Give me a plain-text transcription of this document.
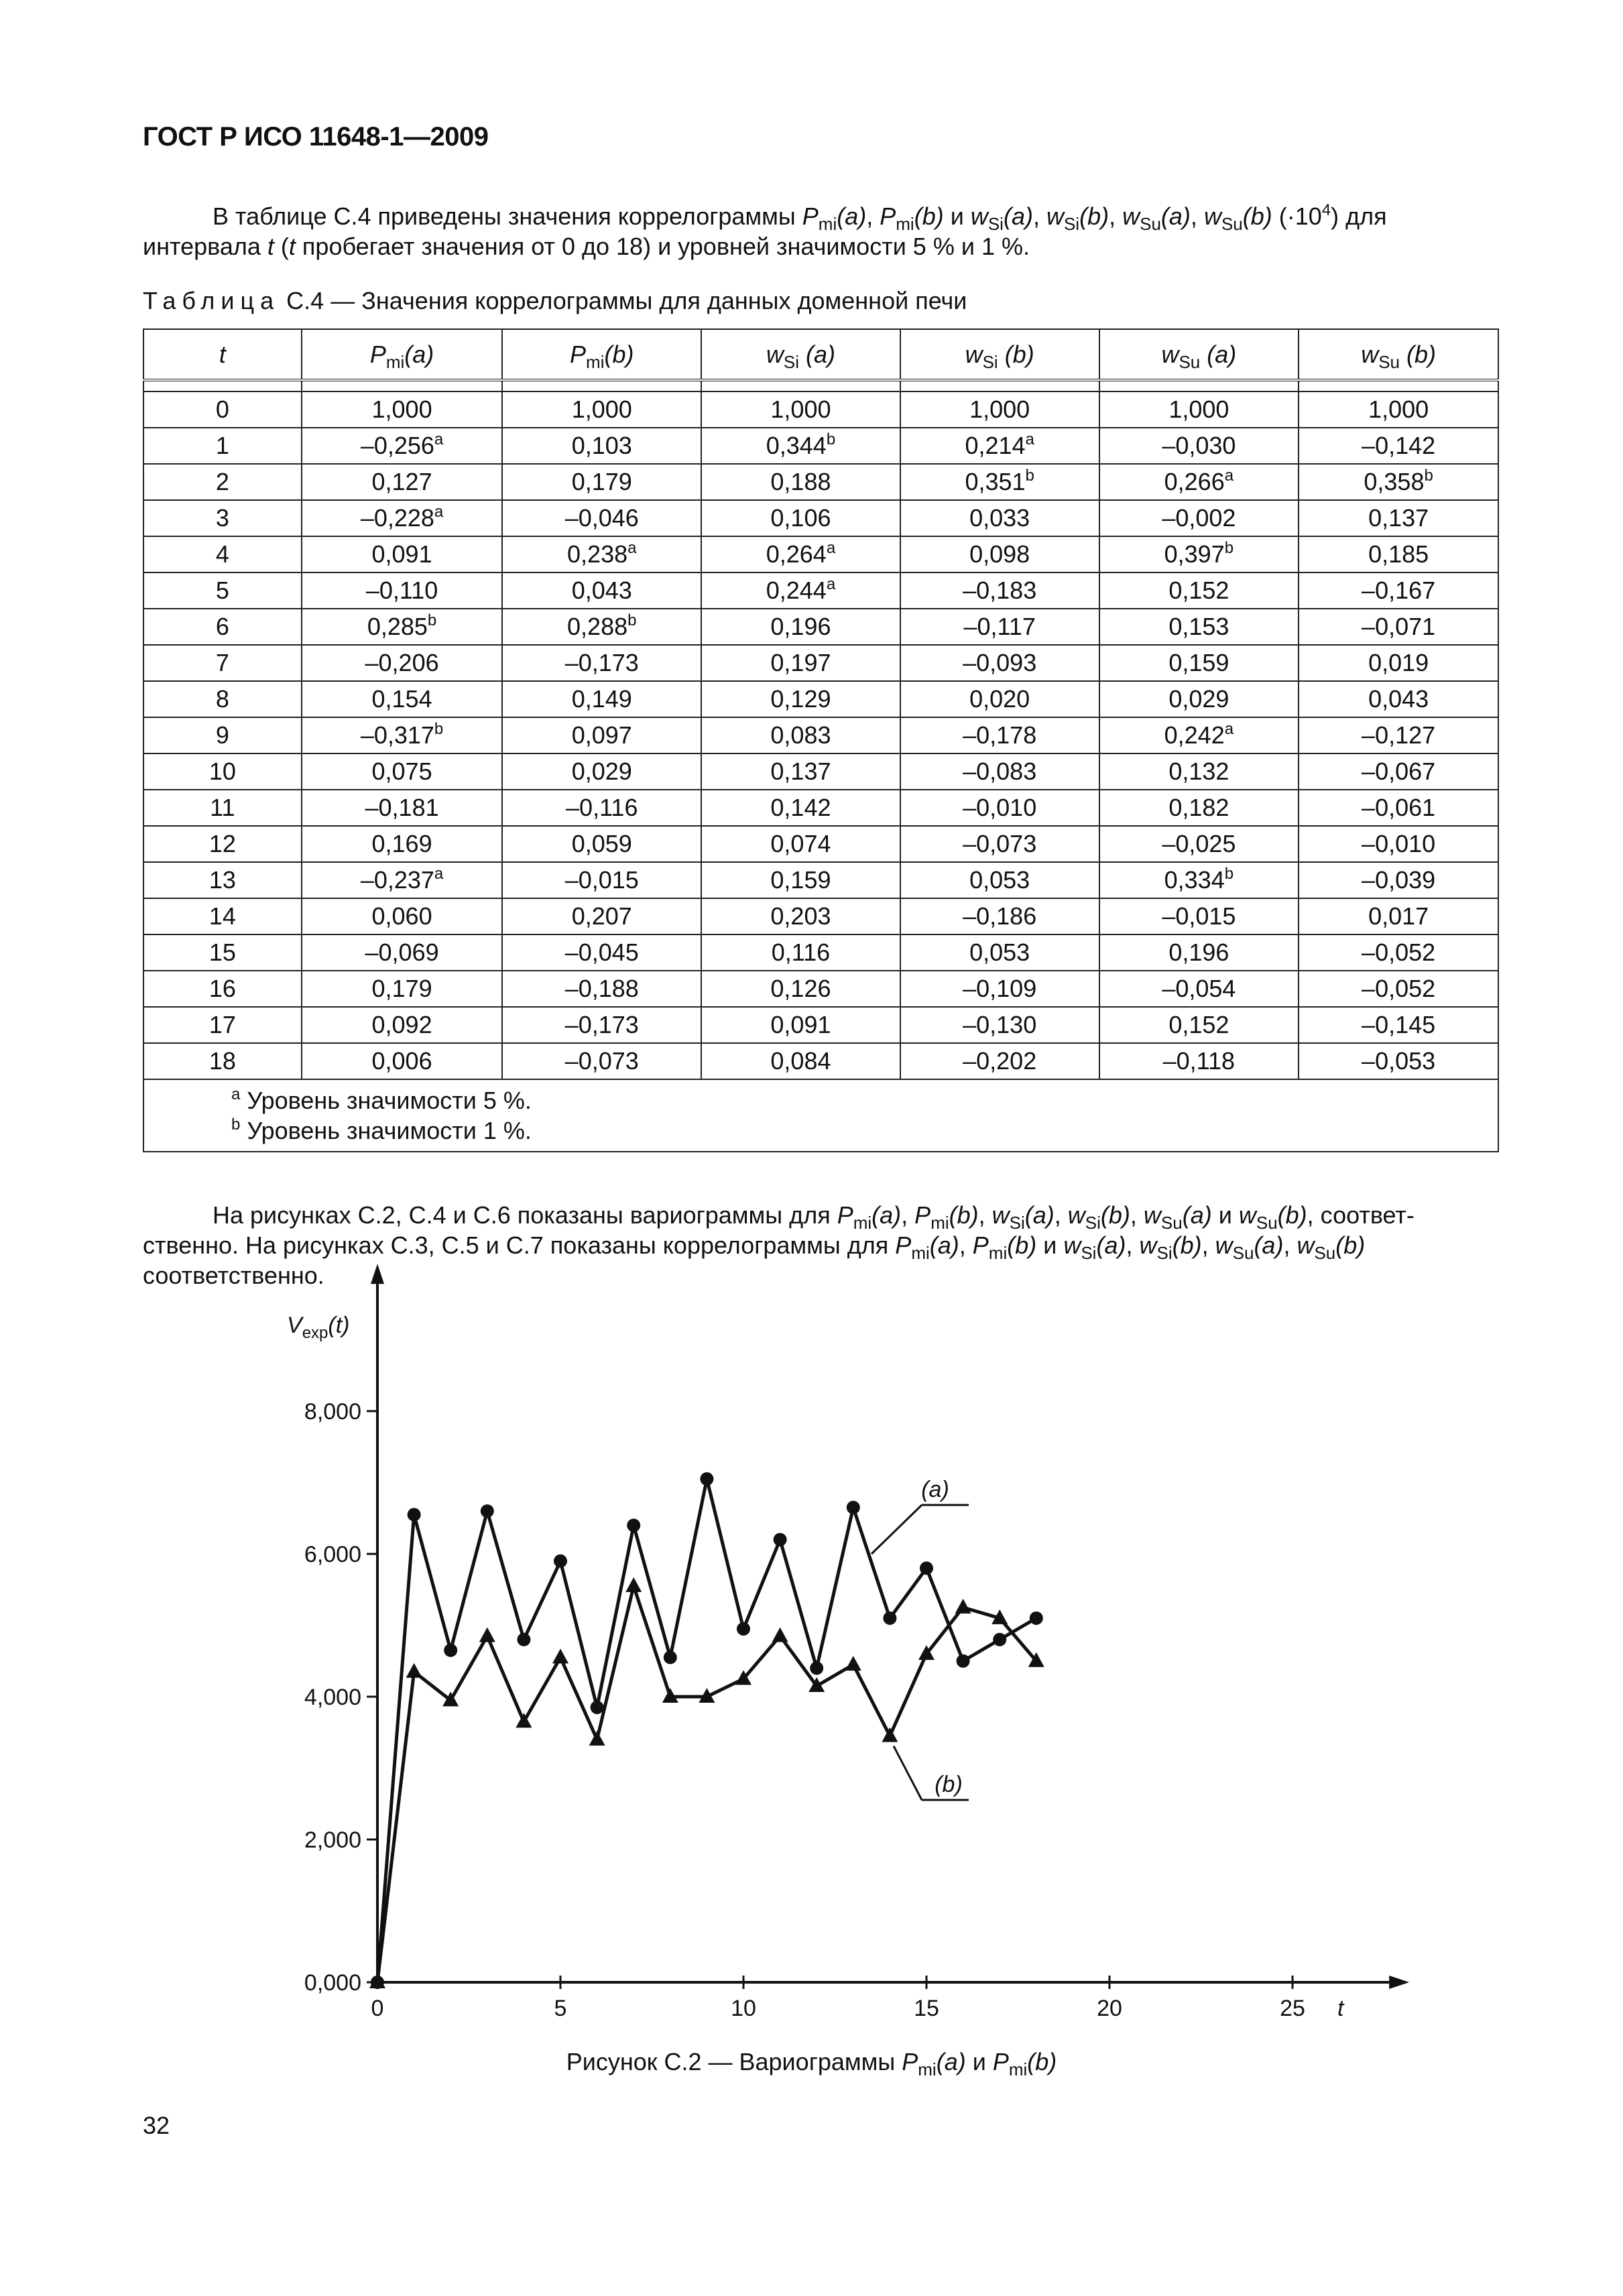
ГОСТ Р ИСО 11648-1—2009
В таблице С.4 приведены значения коррелограммы $P_{mi}(a)$, $P_{mi}(b)$ и $w_{Si}(a)$, $w_{Si}(b)$, $w_{Su}(a)$, $w_{Su}(b)$ $(\cdot 10^4)$ для
интервала t (t пробегает значения от 0 до 18) и уровней значимости 5 % и 1 %.
Таблица С.4 — Значения коррелограммы для данных доменной печи
t	$P_{mi}(a)$	$P_{mi}(b)$	$w_{Si}$ (a)	$w_{Si}$ (b)	$w_{Su}$ (a)	$w_{Su}$ (b)

0	1,000	1,000	1,000	1,000	1,000	1,000
1	–0,256$^a$	0,103	0,344$^b$	0,214$^a$	–0,030	–0,142
2	0,127	0,179	0,188	0,351$^b$	0,266$^a$	0,358$^b$
3	–0,228$^a$	–0,046	0,106	0,033	–0,002	0,137
4	0,091	0,238$^a$	0,264$^a$	0,098	0,397$^b$	0,185
5	–0,110	0,043	0,244$^a$	–0,183	0,152	–0,167
6	0,285$^b$	0,288$^b$	0,196	–0,117	0,153	–0,071
7	–0,206	–0,173	0,197	–0,093	0,159	0,019
8	0,154	0,149	0,129	0,020	0,029	0,043
9	–0,317$^b$	0,097	0,083	–0,178	0,242$^a$	–0,127
10	0,075	0,029	0,137	–0,083	0,132	–0,067
11	–0,181	–0,116	0,142	–0,010	0,182	–0,061
12	0,169	0,059	0,074	–0,073	–0,025	–0,010
13	–0,237$^a$	–0,015	0,159	0,053	0,334$^b$	–0,039
14	0,060	0,207	0,203	–0,186	–0,015	0,017
15	–0,069	–0,045	0,116	0,053	0,196	–0,052
16	0,179	–0,188	0,126	–0,109	–0,054	–0,052
17	0,092	–0,173	0,091	–0,130	0,152	–0,145
18	0,006	–0,073	0,084	–0,202	–0,118	–0,053

$^a$ Уровень значимости 5 %.
$^b$ Уровень значимости 1 %.						
На рисунках С.2, С.4 и С.6 показаны вариограммы для $P_{mi}(a)$, $P_{mi}(b)$, $w_{Si}(a)$, $w_{Si}(b)$, $w_{Su}(a)$ и $w_{Su}(b)$, соответ-
ственно. На рисунках С.3, С.5 и С.7 показаны коррелограммы для $P_{mi}(a)$, $P_{mi}(b)$ и $w_{Si}(a)$, $w_{Si}(b)$, $w_{Su}(a)$, $w_{Su}(b)$
соответственно.
0	5	10	15	20	25
0,000
2,000
4,000
6,000
8,000
$V_{exp}(t)$
t
(a)
(b)
Рисунок С.2 — Вариограммы $P_{mi}(a)$ и $P_{mi}(b)$
32
